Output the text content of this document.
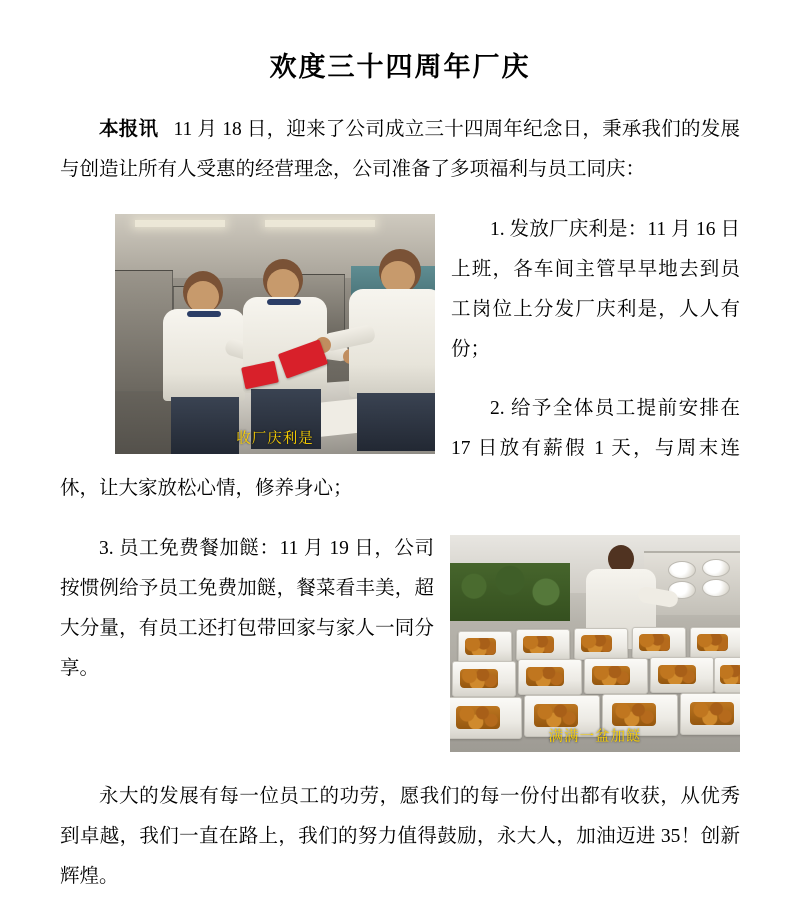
欢度三十四周年厂庆

本报讯 11 月 18 日，迎来了公司成立三十四周年纪念日，秉承我们的发展与创造让所有人受惠的经营理念，公司准备了多项福利与员工同庆：

收厂庆利是

1. 发放厂庆利是：11 月 16 日上班，各车间主管早早地去到员工岗位上分发厂庆利是，人人有份；

2. 给予全体员工提前安排在 17 日放有薪假 1 天，与周末连休，让大家放松心情，修养身心；

满满一盆加餸

3. 员工免费餐加餸：11 月 19 日，公司按惯例给予员工免费加餸，餐菜看丰美，超大分量，有员工还打包带回家与家人一同分享。

永大的发展有每一位员工的功劳，愿我们的每一份付出都有收获，从优秀到卓越，我们一直在路上，我们的努力值得鼓励，永大人，加油迈进 35！创新辉煌。
